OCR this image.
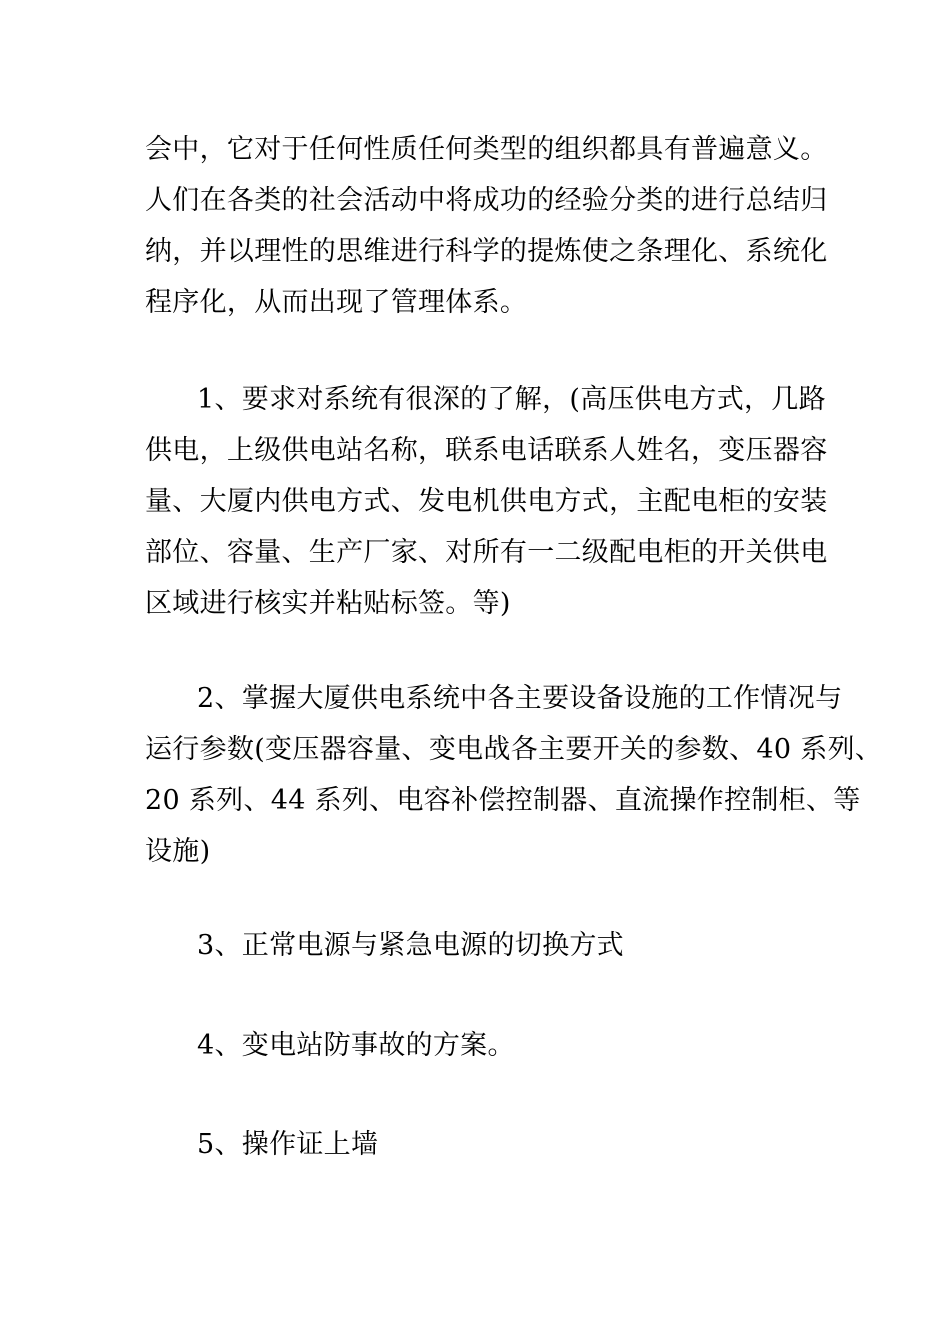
会中，它对于任何性质任何类型的组织都具有普遍意义。
人们在各类的社会活动中将成功的经验分类的进行总结归
纳，并以理性的思维进行科学的提炼使之条理化、系统化
程序化，从而出现了管理体系。
1、要求对系统有很深的了解，(高压供电方式，几路
供电，上级供电站名称，联系电话联系人姓名，变压器容
量、大厦内供电方式、发电机供电方式，主配电柜的安装
部位、容量、生产厂家、对所有一二级配电柜的开关供电
区域进行核实并粘贴标签。等)
2、掌握大厦供电系统中各主要设备设施的工作情况与
运行参数(变压器容量、变电战各主要开关的参数、40 系列、
20 系列、44 系列、电容补偿控制器、直流操作控制柜、等
设施)
3、正常电源与紧急电源的切换方式
4、变电站防事故的方案。
5、操作证上墙
